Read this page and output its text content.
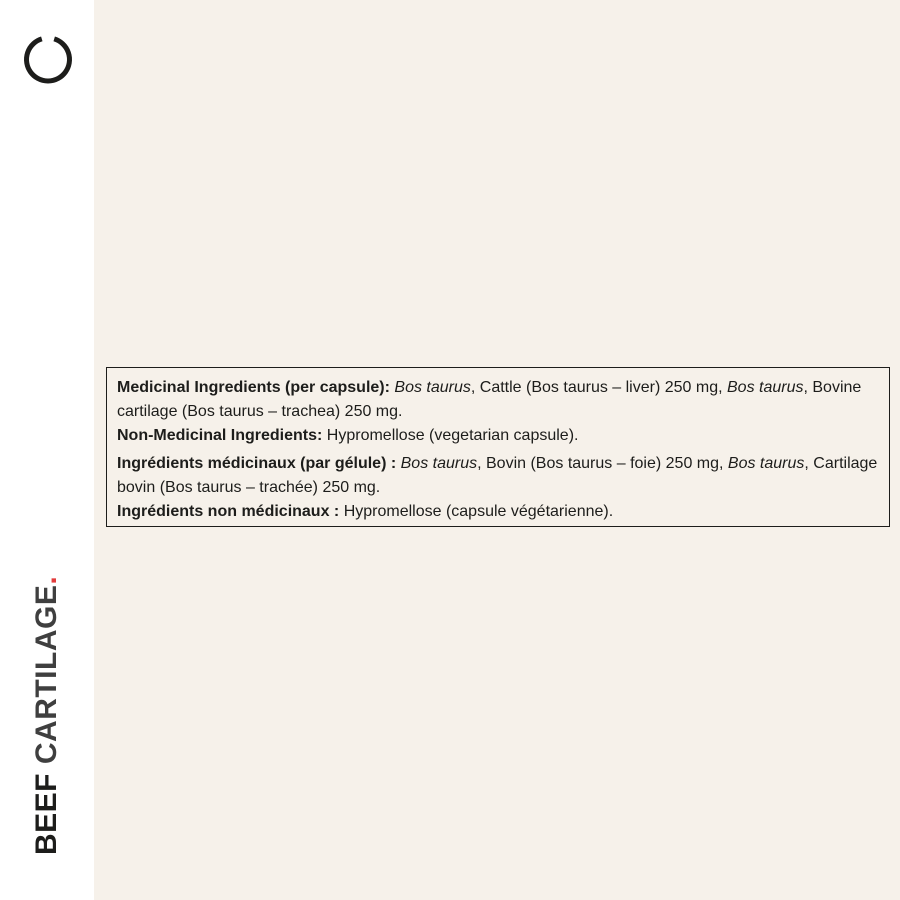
BEEF CARTILAGE.

Medicinal Ingredients (per capsule): Bos taurus, Cattle (Bos taurus – liver) 250 mg, Bos taurus, Bovine cartilage (Bos taurus – trachea) 250 mg.

Non-Medicinal Ingredients: Hypromellose (vegetarian capsule).

Ingrédients médicinaux (par gélule) : Bos taurus, Bovin (Bos taurus – foie) 250 mg, Bos taurus, Cartilage bovin (Bos taurus – trachée) 250 mg.

Ingrédients non médicinaux : Hypromellose (capsule végétarienne).
